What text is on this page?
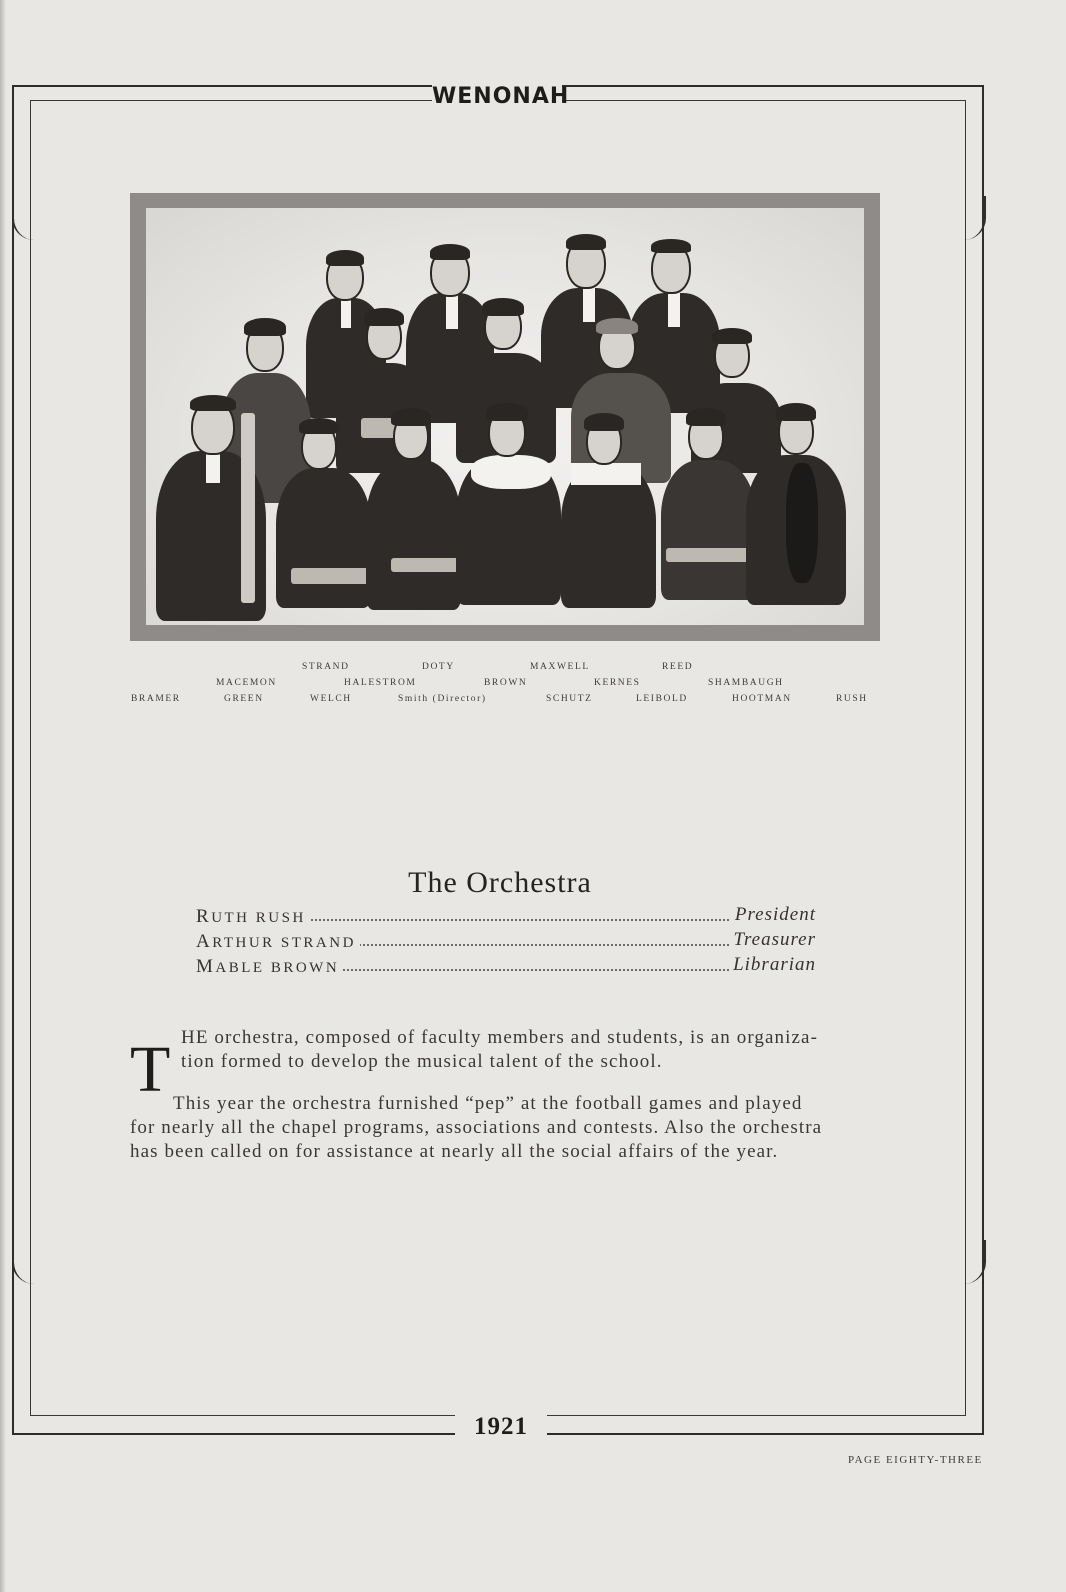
WENONAH
1921
STRAND	DOTY	MAXWELL	REED
MACEMON	HALESTROM	BROWN	KERNES	SHAMBAUGH
BRAMER	GREEN	WELCH	Smith (Director)	SCHUTZ	LEIBOLD	HOOTMAN	RUSH
The Orchestra
RUTH RUSH	President
ARTHUR STRAND	Treasurer
MABLE BROWN	Librarian
T HE orchestra, composed of faculty members and students, is an organiza-
tion formed to develop the musical talent of the school.
This year the orchestra furnished “pep” at the football games and played
for nearly all the chapel programs, associations and contests. Also the orchestra
has been called on for assistance at nearly all the social affairs of the year.
PAGE EIGHTY-THREE
